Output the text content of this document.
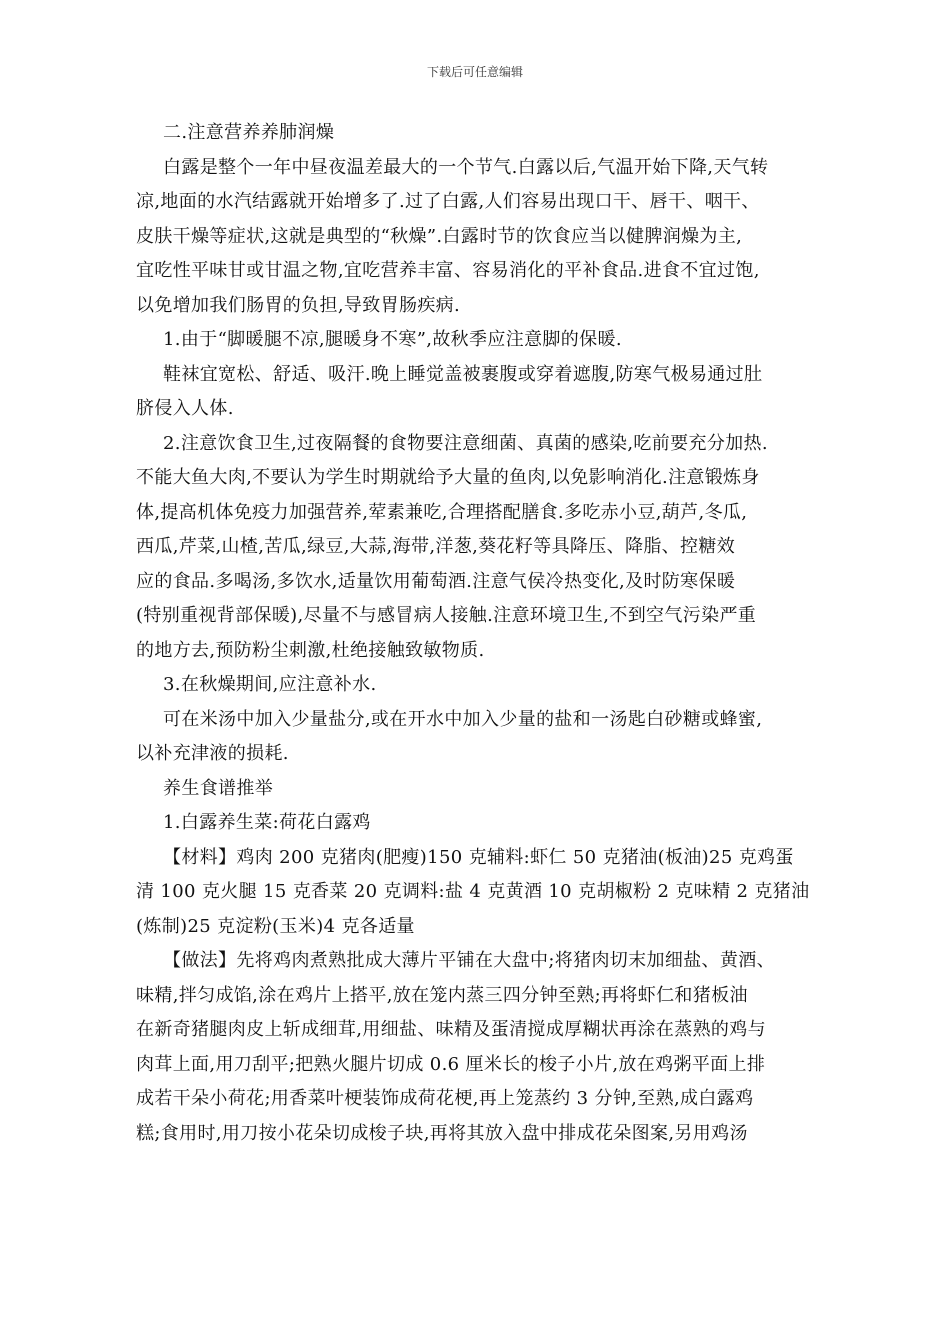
下载后可任意编辑
二.注意营养养肺润燥
白露是整个一年中昼夜温差最大的一个节气.白露以后,气温开始下降,天气转
凉,地面的水汽结露就开始增多了.过了白露,人们容易出现口干、唇干、咽干、
皮肤干燥等症状,这就是典型的“秋燥”.白露时节的饮食应当以健脾润燥为主,
宜吃性平味甘或甘温之物,宜吃营养丰富、容易消化的平补食品.进食不宜过饱,
以免增加我们肠胃的负担,导致胃肠疾病.
1.由于“脚暖腿不凉,腿暖身不寒”,故秋季应注意脚的保暖.
鞋袜宜宽松、舒适、吸汗.晚上睡觉盖被裹腹或穿着遮腹,防寒气极易通过肚
脐侵入人体.
2.注意饮食卫生,过夜隔餐的食物要注意细菌、真菌的感染,吃前要充分加热.
不能大鱼大肉,不要认为学生时期就给予大量的鱼肉,以免影响消化.注意锻炼身
体,提高机体免疫力加强营养,荤素兼吃,合理搭配膳食.多吃赤小豆,葫芦,冬瓜,
西瓜,芹菜,山楂,苦瓜,绿豆,大蒜,海带,洋葱,葵花籽等具降压、降脂、控糖效
应的食品.多喝汤,多饮水,适量饮用葡萄酒.注意气侯冷热变化,及时防寒保暖
(特别重视背部保暖),尽量不与感冒病人接触.注意环境卫生,不到空气污染严重
的地方去,预防粉尘刺激,杜绝接触致敏物质.
3.在秋燥期间,应注意补水.
可在米汤中加入少量盐分,或在开水中加入少量的盐和一汤匙白砂糖或蜂蜜,
以补充津液的损耗.
养生食谱推举
1.白露养生菜:荷花白露鸡
【材料】鸡肉 200 克猪肉(肥瘦)150 克辅料:虾仁 50 克猪油(板油)25 克鸡蛋
清 100 克火腿 15 克香菜 20 克调料:盐 4 克黄酒 10 克胡椒粉 2 克味精 2 克猪油
(炼制)25 克淀粉(玉米)4 克各适量
【做法】先将鸡肉煮熟批成大薄片平铺在大盘中;将猪肉切末加细盐、黄酒、
味精,拌匀成馅,涂在鸡片上搭平,放在笼内蒸三四分钟至熟;再将虾仁和猪板油
在新奇猪腿肉皮上斩成细茸,用细盐、味精及蛋清搅成厚糊状再涂在蒸熟的鸡与
肉茸上面,用刀刮平;把熟火腿片切成 0.6 厘米长的梭子小片,放在鸡粥平面上排
成若干朵小荷花;用香菜叶梗装饰成荷花梗,再上笼蒸约 3 分钟,至熟,成白露鸡
糕;食用时,用刀按小花朵切成梭子块,再将其放入盘中排成花朵图案,另用鸡汤
